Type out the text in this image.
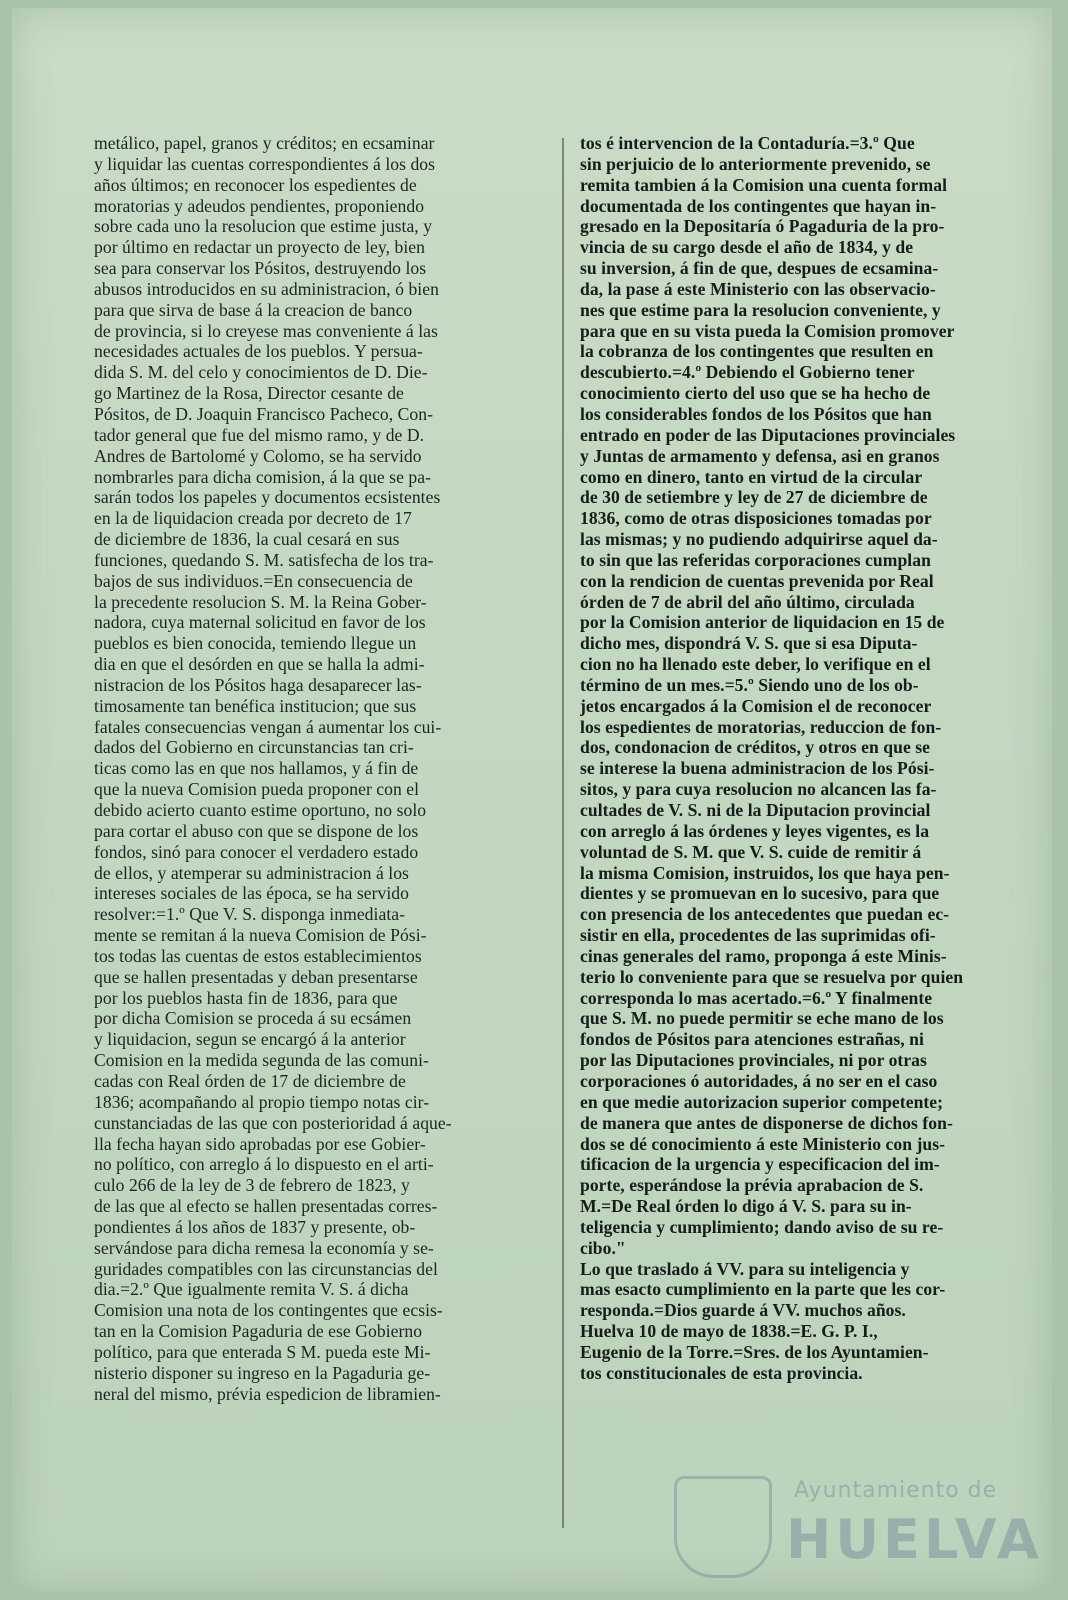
metálico, papel, granos y créditos; en ecsaminar
y liquidar las cuentas correspondientes á los dos
años últimos; en reconocer los espedientes de
moratorias y adeudos pendientes, proponiendo
sobre cada uno la resolucion que estime justa, y
por último en redactar un proyecto de ley, bien
sea para conservar los Pósitos, destruyendo los
abusos introducidos en su administracion, ó bien
para que sirva de base á la creacion de banco
de provincia, si lo creyese mas conveniente á las
necesidades actuales de los pueblos. Y persua-
dida S. M. del celo y conocimientos de D. Die-
go Martinez de la Rosa, Director cesante de
Pósitos, de D. Joaquin Francisco Pacheco, Con-
tador general que fue del mismo ramo, y de D.
Andres de Bartolomé y Colomo, se ha servido
nombrarles para dicha comision, á la que se pa-
sarán todos los papeles y documentos ecsistentes
en la de liquidacion creada por decreto de 17
de diciembre de 1836, la cual cesará en sus
funciones, quedando S. M. satisfecha de los tra-
bajos de sus individuos.=En consecuencia de
la precedente resolucion S. M. la Reina Gober-
nadora, cuya maternal solicitud en favor de los
pueblos es bien conocida, temiendo llegue un
dia en que el desórden en que se halla la admi-
nistracion de los Pósitos haga desaparecer las-
timosamente tan benéfica institucion; que sus
fatales consecuencias vengan á aumentar los cui-
dados del Gobierno en circunstancias tan cri-
ticas como las en que nos hallamos, y á fin de
que la nueva Comision pueda proponer con el
debido acierto cuanto estime oportuno, no solo
para cortar el abuso con que se dispone de los
fondos, sinó para conocer el verdadero estado
de ellos, y atemperar su administracion á los
intereses sociales de las época, se ha servido
resolver:=1.º Que V. S. disponga inmediata-
mente se remitan á la nueva Comision de Pósi-
tos todas las cuentas de estos establecimientos
que se hallen presentadas y deban presentarse
por los pueblos hasta fin de 1836, para que
por dicha Comision se proceda á su ecsámen
y liquidacion, segun se encargó á la anterior
Comision en la medida segunda de las comuni-
cadas con Real órden de 17 de diciembre de
1836; acompañando al propio tiempo notas cir-
cunstanciadas de las que con posterioridad á aque-
lla fecha hayan sido aprobadas por ese Gobier-
no político, con arreglo á lo dispuesto en el arti-
culo 266 de la ley de 3 de febrero de 1823, y
de las que al efecto se hallen presentadas corres-
pondientes á los años de 1837 y presente, ob-
servándose para dicha remesa la economía y se-
guridades compatibles con las circunstancias del
dia.=2.º Que igualmente remita V. S. á dicha
Comision una nota de los contingentes que ecsis-
tan en la Comision Pagaduria de ese Gobierno
político, para que enterada S M. pueda este Mi-
nisterio disponer su ingreso en la Pagaduria ge-
neral del mismo, prévia espedicion de libramien-
tos é intervencion de la Contaduría.=3.º Que
sin perjuicio de lo anteriormente prevenido, se
remita tambien á la Comision una cuenta formal
documentada de los contingentes que hayan in-
gresado en la Depositaría ó Pagaduria de la pro-
vincia de su cargo desde el año de 1834, y de
su inversion, á fin de que, despues de ecsamina-
da, la pase á este Ministerio con las observacio-
nes que estime para la resolucion conveniente, y
para que en su vista pueda la Comision promover
la cobranza de los contingentes que resulten en
descubierto.=4.º Debiendo el Gobierno tener
conocimiento cierto del uso que se ha hecho de
los considerables fondos de los Pósitos que han
entrado en poder de las Diputaciones provinciales
y Juntas de armamento y defensa, asi en granos
como en dinero, tanto en virtud de la circular
de 30 de setiembre y ley de 27 de diciembre de
1836, como de otras disposiciones tomadas por
las mismas; y no pudiendo adquirirse aquel da-
to sin que las referidas corporaciones cumplan
con la rendicion de cuentas prevenida por Real
órden de 7 de abril del año último, circulada
por la Comision anterior de liquidacion en 15 de
dicho mes, dispondrá V. S. que si esa Diputa-
cion no ha llenado este deber, lo verifique en el
término de un mes.=5.º Siendo uno de los ob-
jetos encargados á la Comision el de reconocer
los espedientes de moratorias, reduccion de fon-
dos, condonacion de créditos, y otros en que se
se interese la buena administracion de los Pósi-
sitos, y para cuya resolucion no alcancen las fa-
cultades de V. S. ni de la Diputacion provincial
con arreglo á las órdenes y leyes vigentes, es la
voluntad de S. M. que V. S. cuide de remitir á
la misma Comision, instruidos, los que haya pen-
dientes y se promuevan en lo sucesivo, para que
con presencia de los antecedentes que puedan ec-
sistir en ella, procedentes de las suprimidas ofi-
cinas generales del ramo, proponga á este Minis-
terio lo conveniente para que se resuelva por quien
corresponda lo mas acertado.=6.º Y finalmente
que S. M. no puede permitir se eche mano de los
fondos de Pósitos para atenciones estrañas, ni
por las Diputaciones provinciales, ni por otras
corporaciones ó autoridades, á no ser en el caso
en que medie autorizacion superior competente;
de manera que antes de disponerse de dichos fon-
dos se dé conocimiento á este Ministerio con jus-
tificacion de la urgencia y especificacion del im-
porte, esperándose la prévia aprabacion de S.
M.=De Real órden lo digo á V. S. para su in-
teligencia y cumplimiento; dando aviso de su re-
cibo."
Lo que traslado á VV. para su inteligencia y
mas esacto cumplimiento en la parte que les cor-
responda.=Dios guarde á VV. muchos años.
Huelva 10 de mayo de 1838.=E. G. P. I.,
Eugenio de la Torre.=Sres. de los Ayuntamien-
tos constitucionales de esta provincia.
Ayuntamiento de
HUELVA
